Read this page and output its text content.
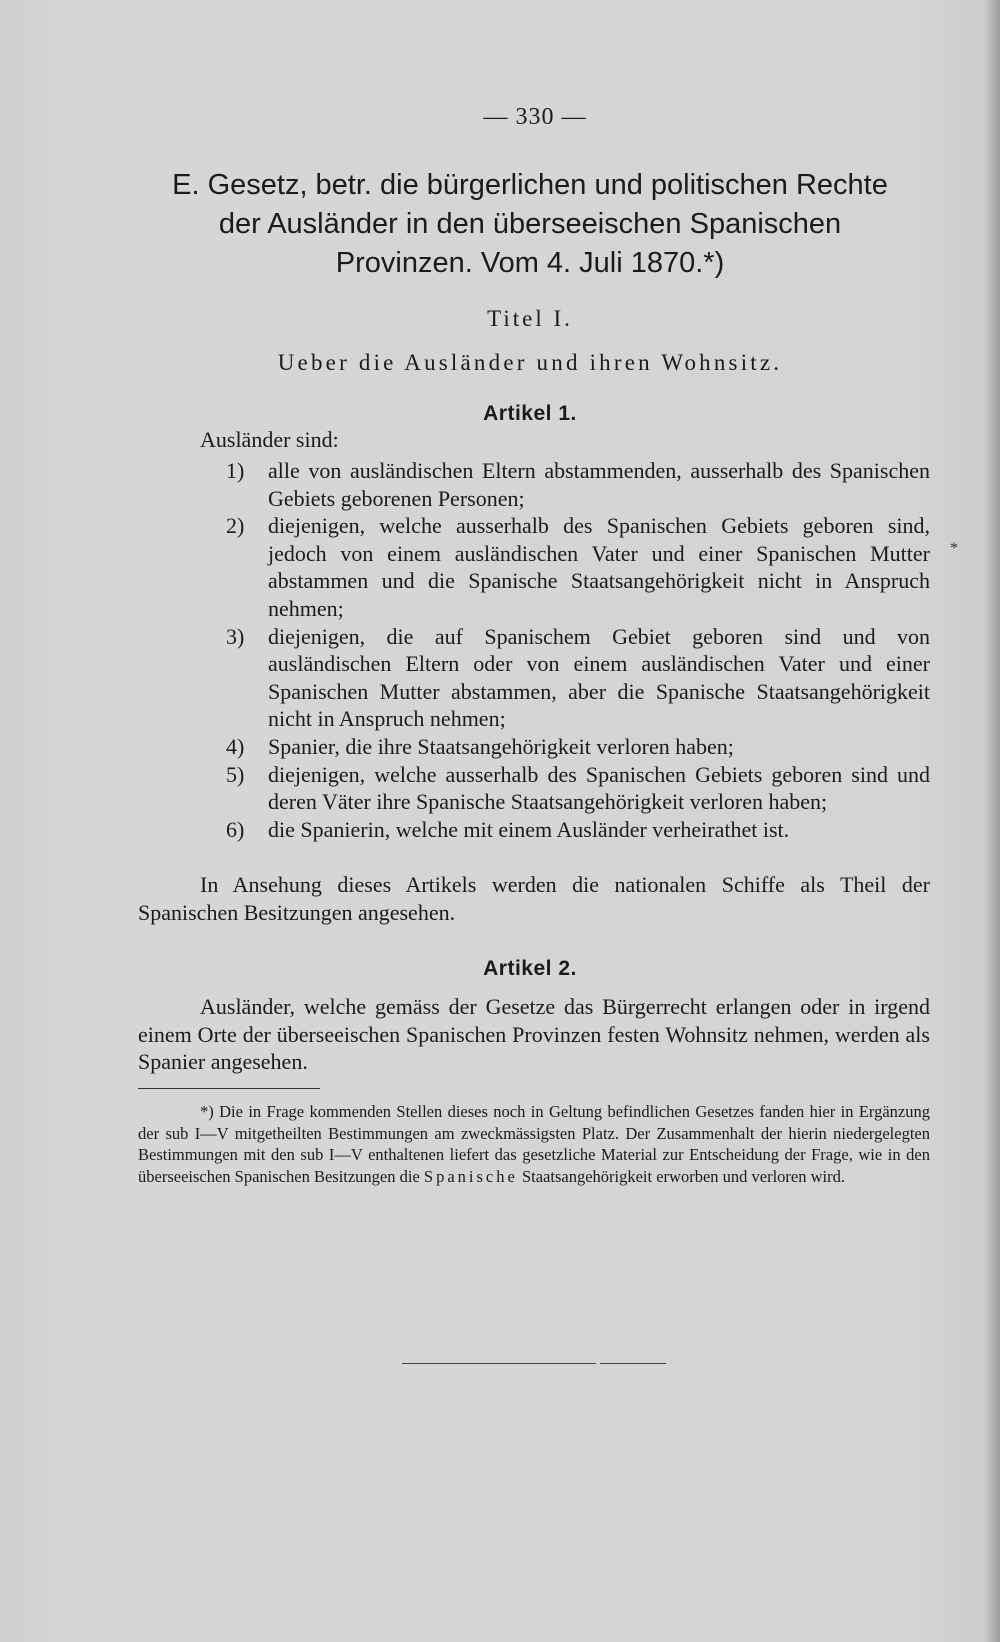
— 330 —
E. Gesetz, betr. die bürgerlichen und politischen Rechte
der Ausländer in den überseeischen Spanischen
Provinzen. Vom 4. Juli 1870.*)
Titel I.
Ueber die Ausländer und ihren Wohnsitz.
Artikel 1.
Ausländer sind:
1) alle von ausländischen Eltern abstammenden, ausserhalb des Spanischen Gebiets geborenen Personen;
2) diejenigen, welche ausserhalb des Spanischen Gebiets geboren sind, jedoch von einem ausländischen Vater und einer Spanischen Mutter abstammen und die Spanische Staatsangehörigkeit nicht in Anspruch nehmen;
3) diejenigen, die auf Spanischem Gebiet geboren sind und von ausländischen Eltern oder von einem ausländischen Vater und einer Spanischen Mutter abstammen, aber die Spanische Staatsangehörigkeit nicht in Anspruch nehmen;
4) Spanier, die ihre Staatsangehörigkeit verloren haben;
5) diejenigen, welche ausserhalb des Spanischen Gebiets geboren sind und deren Väter ihre Spanische Staatsangehörigkeit verloren haben;
6) die Spanierin, welche mit einem Ausländer verheirathet ist.
In Ansehung dieses Artikels werden die nationalen Schiffe als Theil der Spanischen Besitzungen angesehen.
Artikel 2.
Ausländer, welche gemäss der Gesetze das Bürgerrecht erlangen oder in irgend einem Orte der überseeischen Spanischen Provinzen festen Wohnsitz nehmen, werden als Spanier angesehen.
*) Die in Frage kommenden Stellen dieses noch in Geltung befindlichen Gesetzes fanden hier in Ergänzung der sub I—V mitgetheilten Bestimmungen am zweckmässigsten Platz. Der Zusammenhalt der hierin niedergelegten Bestimmungen mit den sub I—V enthaltenen liefert das gesetzliche Material zur Entscheidung der Frage, wie in den überseeischen Spanischen Besitzungen die Spanische Staatsangehörigkeit erworben und verloren wird.
*
